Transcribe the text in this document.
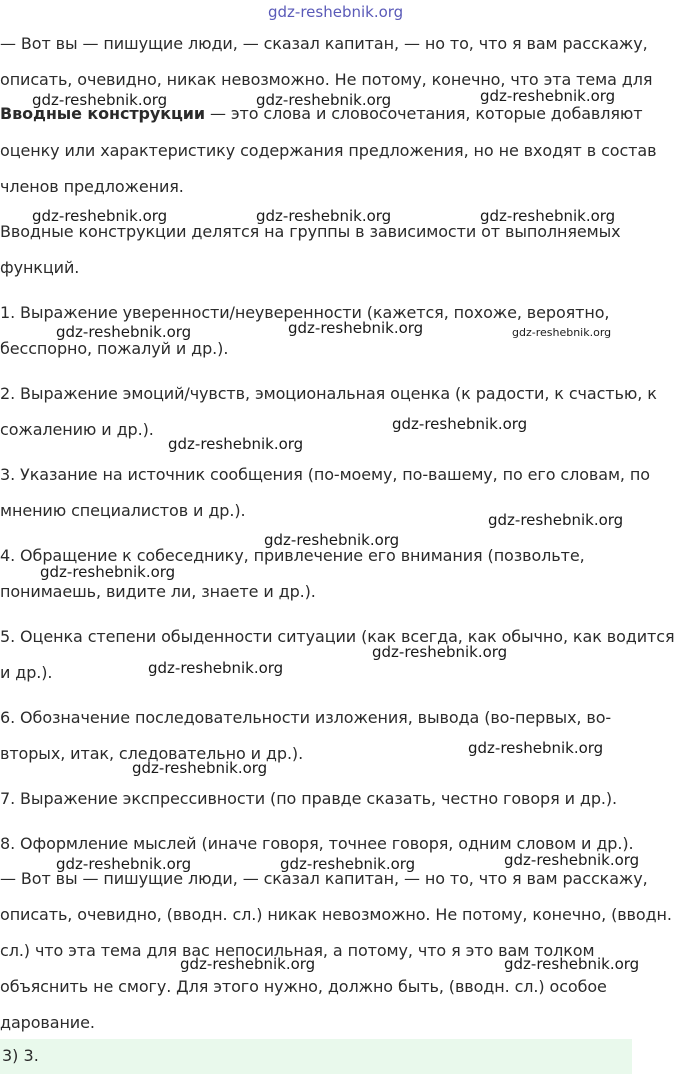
gdz-reshebnik.org
— Вот вы — пишущие люди, — сказал капитан, — но то, что я вам расскажу,
описать, очевидно, никак невозможно. Не потому, конечно, что эта тема для
Вводные конструкции — это слова и словосочетания, которые добавляют
оценку или характеристику содержания предложения, но не входят в состав
членов предложения.
Вводные конструкции делятся на группы в зависимости от выполняемых
функций.
1. Выражение уверенности/неуверенности (кажется, похоже, вероятно,
бесспорно, пожалуй и др.).
2. Выражение эмоций/чувств, эмоциональная оценка (к радости, к счастью, к
сожалению и др.).
3. Указание на источник сообщения (по-моему, по-вашему, по его словам, по
мнению специалистов и др.).
4. Обращение к собеседнику, привлечение его внимания (позвольте,
понимаешь, видите ли, знаете и др.).
5. Оценка степени обыденности ситуации (как всегда, как обычно, как водится
и др.).
6. Обозначение последовательности изложения, вывода (во-первых, во-
вторых, итак, следовательно и др.).
7. Выражение экспрессивности (по правде сказать, честно говоря и др.).
8. Оформление мыслей (иначе говоря, точнее говоря, одним словом и др.).
— Вот вы — пишущие люди, — сказал капитан, — но то, что я вам расскажу,
описать, очевидно, (вводн. сл.) никак невозможно. Не потому, конечно, (вводн.
сл.) что эта тема для вас непосильная, а потому, что я это вам толком
объяснить не смогу. Для этого нужно, должно быть, (вводн. сл.) особое
дарование.
3) 3.
gdz-reshebnik.org	gdz-reshebnik.org	gdz-reshebnik.org
gdz-reshebnik.org	gdz-reshebnik.org	gdz-reshebnik.org
gdz-reshebnik.org	gdz-reshebnik.org	gdz-reshebnik.org
gdz-reshebnik.org
gdz-reshebnik.org
gdz-reshebnik.org
gdz-reshebnik.org
gdz-reshebnik.org
gdz-reshebnik.org
gdz-reshebnik.org
gdz-reshebnik.org
gdz-reshebnik.org
gdz-reshebnik.org	gdz-reshebnik.org	gdz-reshebnik.org
gdz-reshebnik.org	gdz-reshebnik.org
